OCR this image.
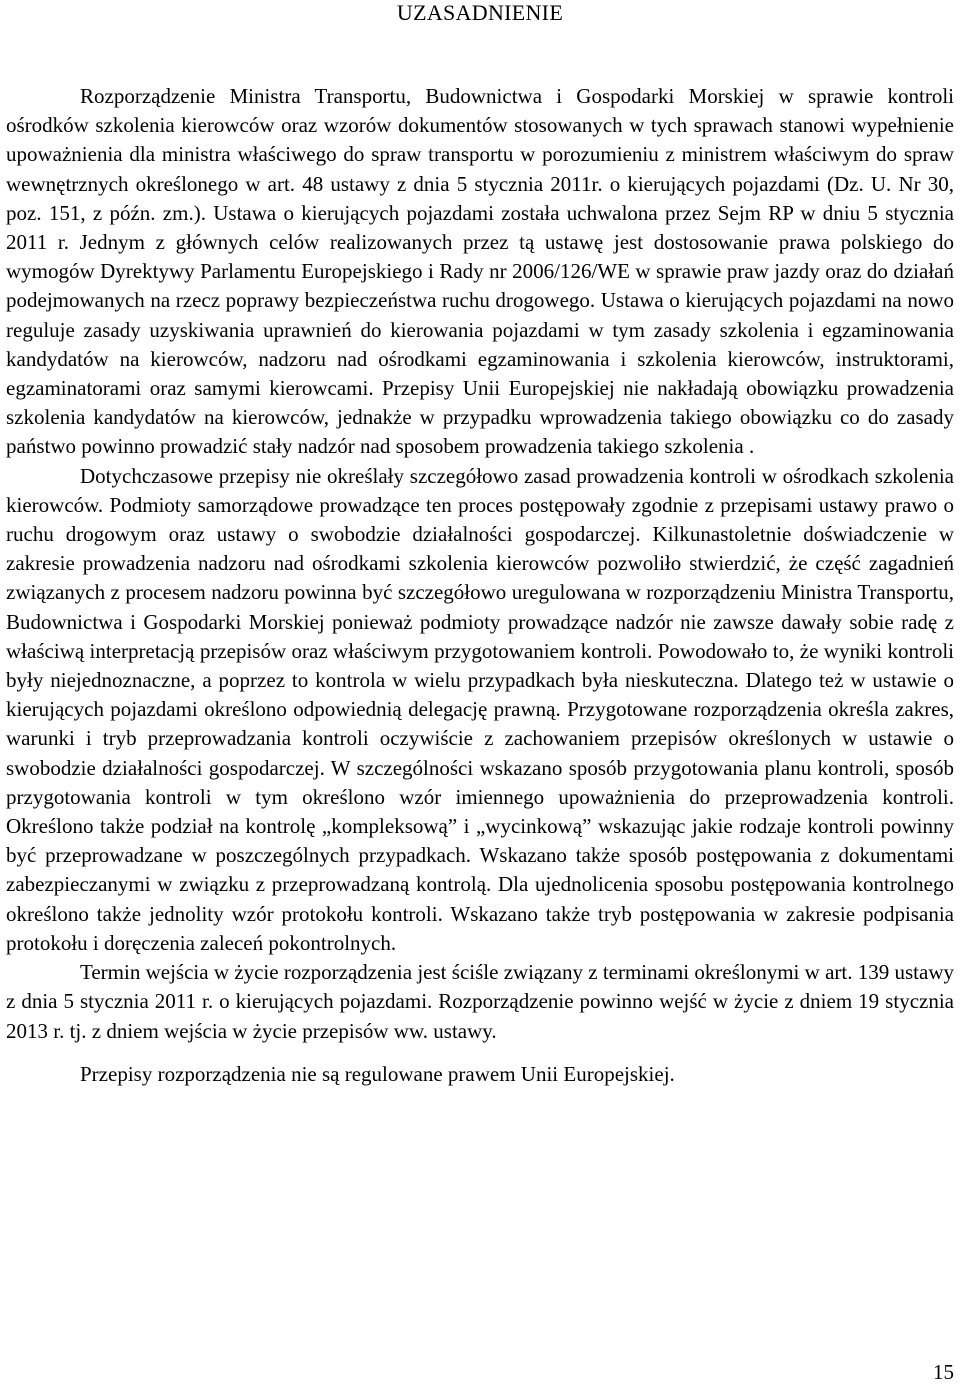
UZASADNIENIE

Rozporządzenie Ministra Transportu, Budownictwa i Gospodarki Morskiej w sprawie kontroli ośrodków szkolenia kierowców oraz wzorów dokumentów stosowanych w tych sprawach stanowi wypełnienie upoważnienia dla ministra właściwego do spraw transportu w porozumieniu z ministrem właściwym do spraw wewnętrznych określonego w art. 48 ustawy z dnia 5 stycznia 2011r. o kierujących pojazdami (Dz. U. Nr 30, poz. 151, z późn. zm.). Ustawa o kierujących pojazdami została uchwalona przez Sejm RP w dniu 5 stycznia 2011 r. Jednym z głównych celów realizowanych przez tą ustawę jest dostosowanie prawa polskiego do wymogów Dyrektywy Parlamentu Europejskiego i Rady nr 2006/126/WE w sprawie praw jazdy oraz do działań podejmowanych na rzecz poprawy bezpieczeństwa ruchu drogowego. Ustawa o kierujących pojazdami na nowo reguluje zasady uzyskiwania uprawnień do kierowania pojazdami w tym zasady szkolenia i egzaminowania kandydatów na kierowców, nadzoru nad ośrodkami egzaminowania i szkolenia kierowców, instruktorami, egzaminatorami oraz samymi kierowcami. Przepisy Unii Europejskiej nie nakładają obowiązku prowadzenia szkolenia kandydatów na kierowców, jednakże w przypadku wprowadzenia takiego obowiązku co do zasady państwo powinno prowadzić stały nadzór nad sposobem prowadzenia takiego szkolenia .

Dotychczasowe przepisy nie określały szczegółowo zasad prowadzenia kontroli w ośrodkach szkolenia kierowców. Podmioty samorządowe prowadzące ten proces postępowały zgodnie z przepisami ustawy prawo o ruchu drogowym oraz ustawy o swobodzie działalności gospodarczej. Kilkunastoletnie doświadczenie w zakresie prowadzenia nadzoru nad ośrodkami szkolenia kierowców pozwoliło stwierdzić, że część zagadnień związanych z procesem nadzoru powinna być szczegółowo uregulowana w rozporządzeniu Ministra Transportu, Budownictwa i Gospodarki Morskiej ponieważ podmioty prowadzące nadzór nie zawsze dawały sobie radę z właściwą interpretacją przepisów oraz właściwym przygotowaniem kontroli. Powodowało to, że wyniki kontroli były niejednoznaczne, a poprzez to kontrola w wielu przypadkach była nieskuteczna. Dlatego też w ustawie o kierujących pojazdami określono odpowiednią delegację prawną. Przygotowane rozporządzenia określa zakres, warunki i tryb przeprowadzania kontroli oczywiście z zachowaniem przepisów określonych w ustawie o swobodzie działalności gospodarczej. W szczególności wskazano sposób przygotowania planu kontroli, sposób przygotowania kontroli w tym określono wzór imiennego upoważnienia do przeprowadzenia kontroli. Określono także podział na kontrolę „kompleksową” i „wycinkową” wskazując jakie rodzaje kontroli powinny być przeprowadzane w poszczególnych przypadkach. Wskazano także sposób postępowania z dokumentami zabezpieczanymi w związku z przeprowadzaną kontrolą. Dla ujednolicenia sposobu postępowania kontrolnego określono także jednolity wzór protokołu kontroli. Wskazano także tryb postępowania w zakresie podpisania protokołu i doręczenia zaleceń pokontrolnych.

Termin wejścia w życie rozporządzenia jest ściśle związany z terminami określonymi w art. 139 ustawy z dnia 5 stycznia 2011 r. o kierujących pojazdami. Rozporządzenie powinno wejść w życie z dniem 19 stycznia 2013 r. tj. z dniem wejścia w życie przepisów ww. ustawy.

Przepisy rozporządzenia nie są regulowane prawem Unii Europejskiej.

15
